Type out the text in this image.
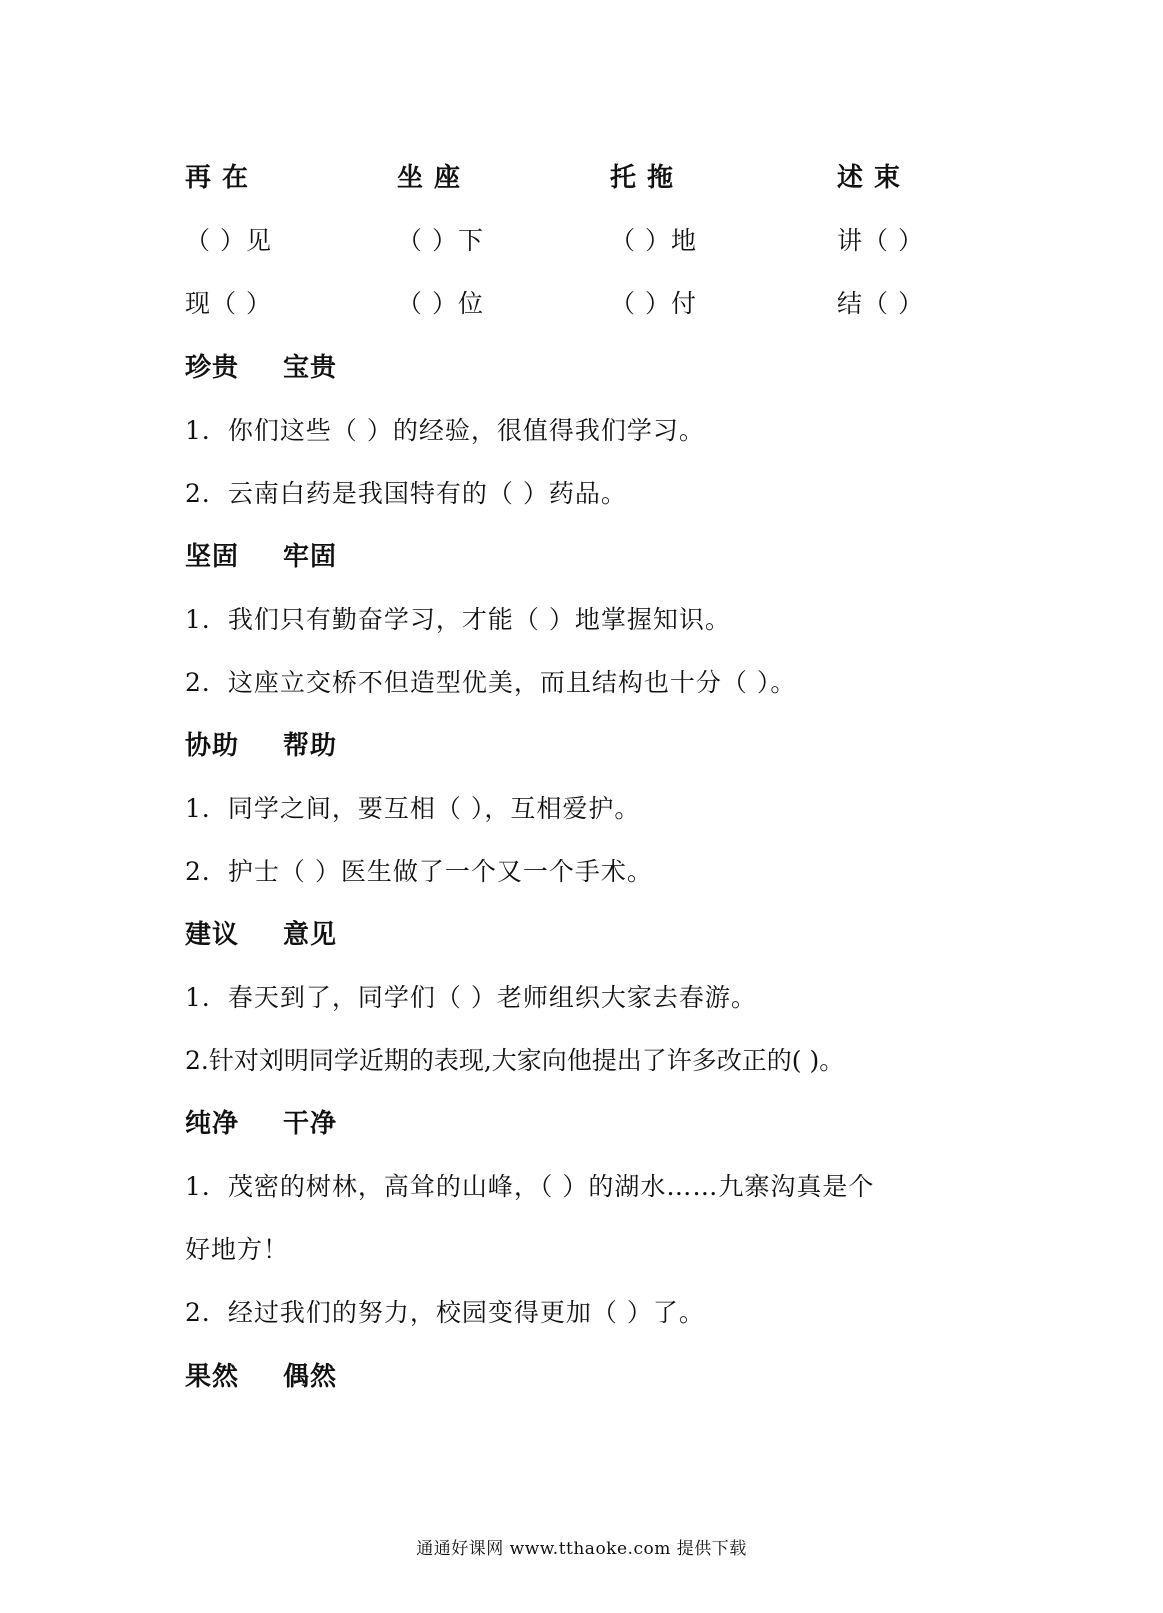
再 在	坐 座	托 拖	述 束
（ ）见	（ ）下	（ ）地	讲（ ）
现（ ）	（ ）位	（ ）付	结（ ）
珍贵 宝贵
1．你们这些（ ）的经验，很值得我们学习。
2．云南白药是我国特有的（ ）药品。
坚固 牢固
1．我们只有勤奋学习，才能（ ）地掌握知识。
2．这座立交桥不但造型优美，而且结构也十分（ ）。
协助 帮助
1．同学之间，要互相（ ），互相爱护。
2．护士（ ）医生做了一个又一个手术。
建议 意见
1．春天到了，同学们（ ）老师组织大家去春游。
2.针对刘明同学近期的表现,大家向他提出了许多改正的( )。
纯净 干净
1．茂密的树林，高耸的山峰，（ ）的湖水……九寨沟真是个
好地方！
2．经过我们的努力，校园变得更加（ ）了。
果然 偶然
通通好课网 www.tthaoke.com 提供下载
